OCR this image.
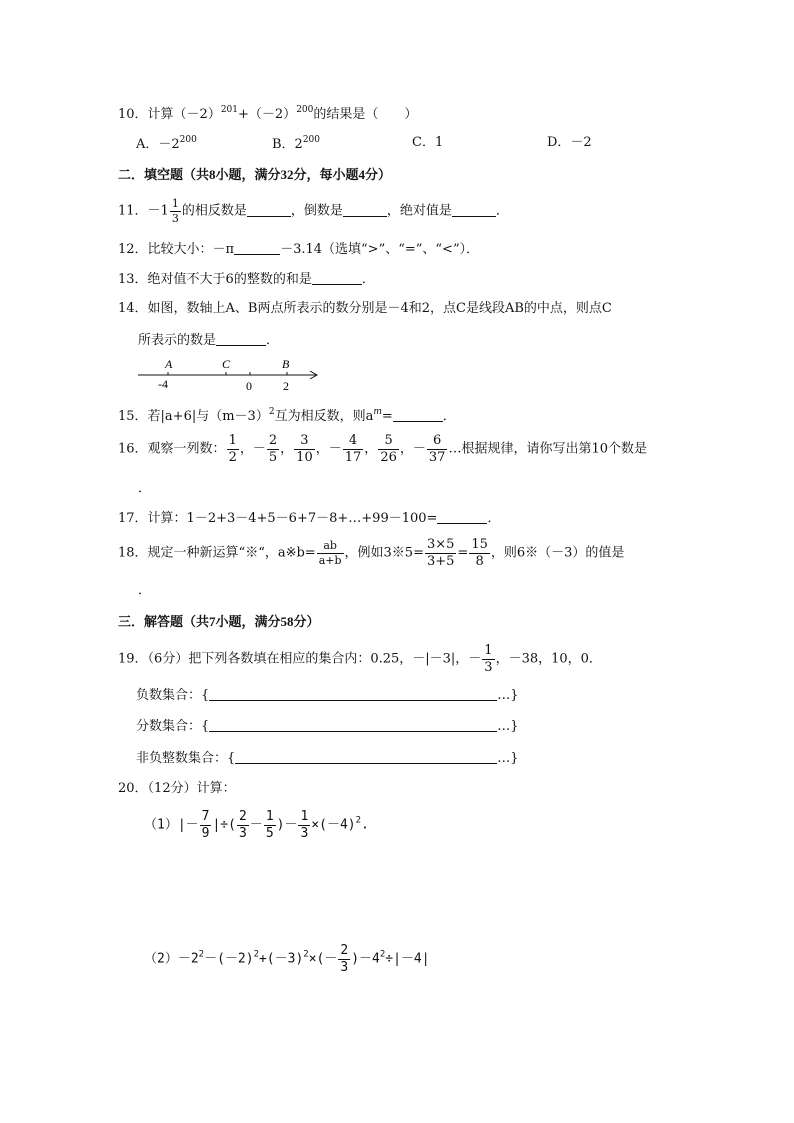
10．计算$(-2)^{201}+(-2)^{200}$的结果是（　　）
A．$-2^{200}$	B．$2^{200}$	C．1	D．－2
二．填空题（共8小题，满分32分，每小题4分）
11．$-1 \frac{1}{3}$ 的相反数是	，倒数是	，绝对值是	．
12．比较大小：－π	－3.14（选填“>”、“=”、“<”）．
13．绝对值不大于6的整数的和是	．
14．如图，数轴上A、B两点所表示的数分别是－4和2，点C是线段AB的中点，则点C
所表示的数是	．
A	C	B
-4	0	2
15．若|a+6|与$(m-3)^2$互为相反数，则$a^m=$	．
16．观察一列数： $\frac{1}{2}$ ，－ $\frac{2}{5}$ ， $\frac{3}{10}$ ，－ $\frac{4}{17}$ ， $\frac{5}{26}$ ，－ $\frac{6}{37}$ …根据规律，请你写出第10个数是
．
17．计算：1－2+3－4+5－6+7－8+…+99－100=	．
18．规定一种新运算“※“，a※b= $\frac{ab}{a+b}$ ，例如3※5= $\frac{3\times 5}{3+5} = \frac{15}{8}$ ，则6※（－3）的值是
．
三．解答题（共7小题，满分58分）
19．（6分）把下列各数填在相应的集合内：0.25，－|－3|，－ $\frac{1}{3}$ ，－38，10，0．
负数集合：{	…}
分数集合：{	…}
非负整数集合：{	…}
20．（12分）计算：
$(1)|- \frac{7}{9}$ |÷( $\frac{2}{3} - \frac{1}{5}$ )－ $\frac{1}{3} \times(-4)^2$.
$(2)-2^2-(-2)^2+(-3)^2\times(- \frac{2}{3} )-4^2\div|-4|$
